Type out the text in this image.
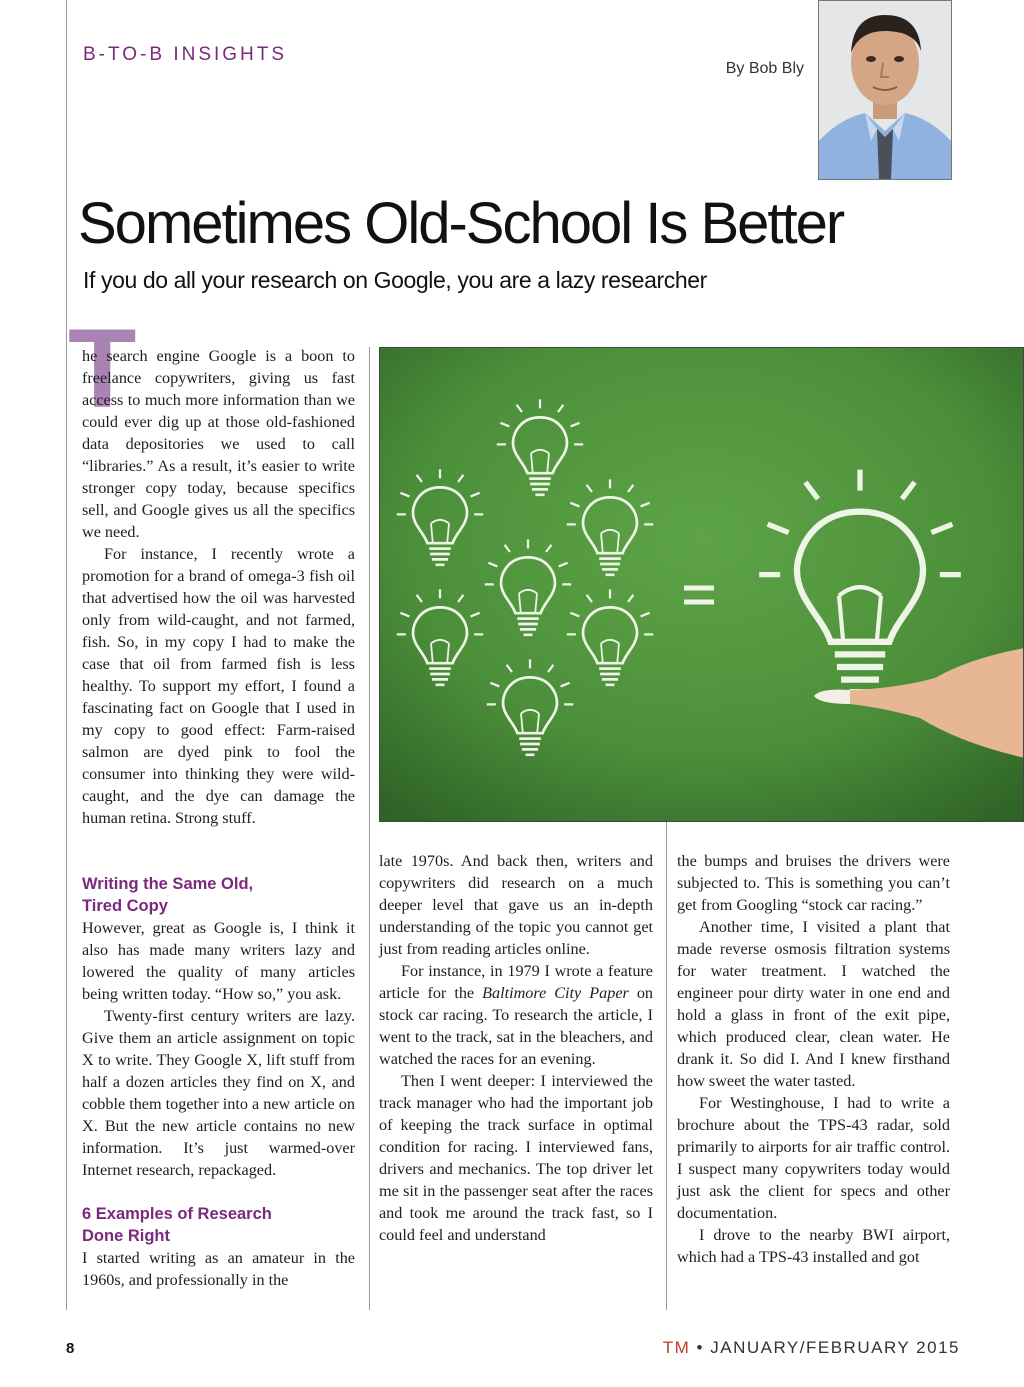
B-TO-B INSIGHTS
By Bob Bly
Sometimes Old-School Is Better
If you do all your research on Google, you are a lazy researcher
T

he search engine Google is a boon to freelance copywriters, giving us fast access to much more information than we could ever dig up at those old-fashioned data depositories we used to call “libraries.” As a result, it’s easier to write stronger copy today, because specifics sell, and Google gives us all the specifics we need.

For instance, I recently wrote a promotion for a brand of omega-3 fish oil that advertised how the oil was harvested only from wild-caught, and not farmed, fish. So, in my copy I had to make the case that oil from farmed fish is less healthy. To support my effort, I found a fascinating fact on Google that I used in my copy to good effect: Farm-raised salmon are dyed pink to fool the consumer into thinking they were wild-caught, and the dye can damage the human retina. Strong stuff.

Writing the Same Old,
Tired Copy

However, great as Google is, I think it also has made many writers lazy and lowered the quality of many articles being written today. “How so,” you ask.

Twenty-first century writers are lazy. Give them an article assignment on topic X to write. They Google X, lift stuff from half a dozen articles they find on X, and cobble them together into a new article on X. But the new article contains no new information. It’s just warmed-over Internet research, repackaged.

6 Examples of Research
Done Right

I started writing as an amateur in the 1960s, and professionally in the

late 1970s. And back then, writers and copywriters did research on a much deeper level that gave us an in-depth understanding of the topic you cannot get just from reading articles online.

For instance, in 1979 I wrote a feature article for the Baltimore City Paper on stock car racing. To research the article, I went to the track, sat in the bleachers, and watched the races for an evening.

Then I went deeper: I interviewed the track manager who had the important job of keeping the track surface in optimal condition for racing. I interviewed fans, drivers and mechanics. The top driver let me sit in the passenger seat after the races and took me around the track fast, so I could feel and understand

the bumps and bruises the drivers were subjected to. This is something you can’t get from Googling “stock car racing.”

Another time, I visited a plant that made reverse osmosis filtration systems for water treatment. I watched the engineer pour dirty water in one end and hold a glass in front of the exit pipe, which produced clear, clean water. He drank it. So did I. And I knew firsthand how sweet the water tasted.

For Westinghouse, I had to write a brochure about the TPS-43 radar, sold primarily to airports for air traffic control. I suspect many copywriters today would just ask the client for specs and other documentation.

I drove to the nearby BWI airport, which had a TPS-43 installed and got

8	TM • JANUARY/FEBRUARY 2015
